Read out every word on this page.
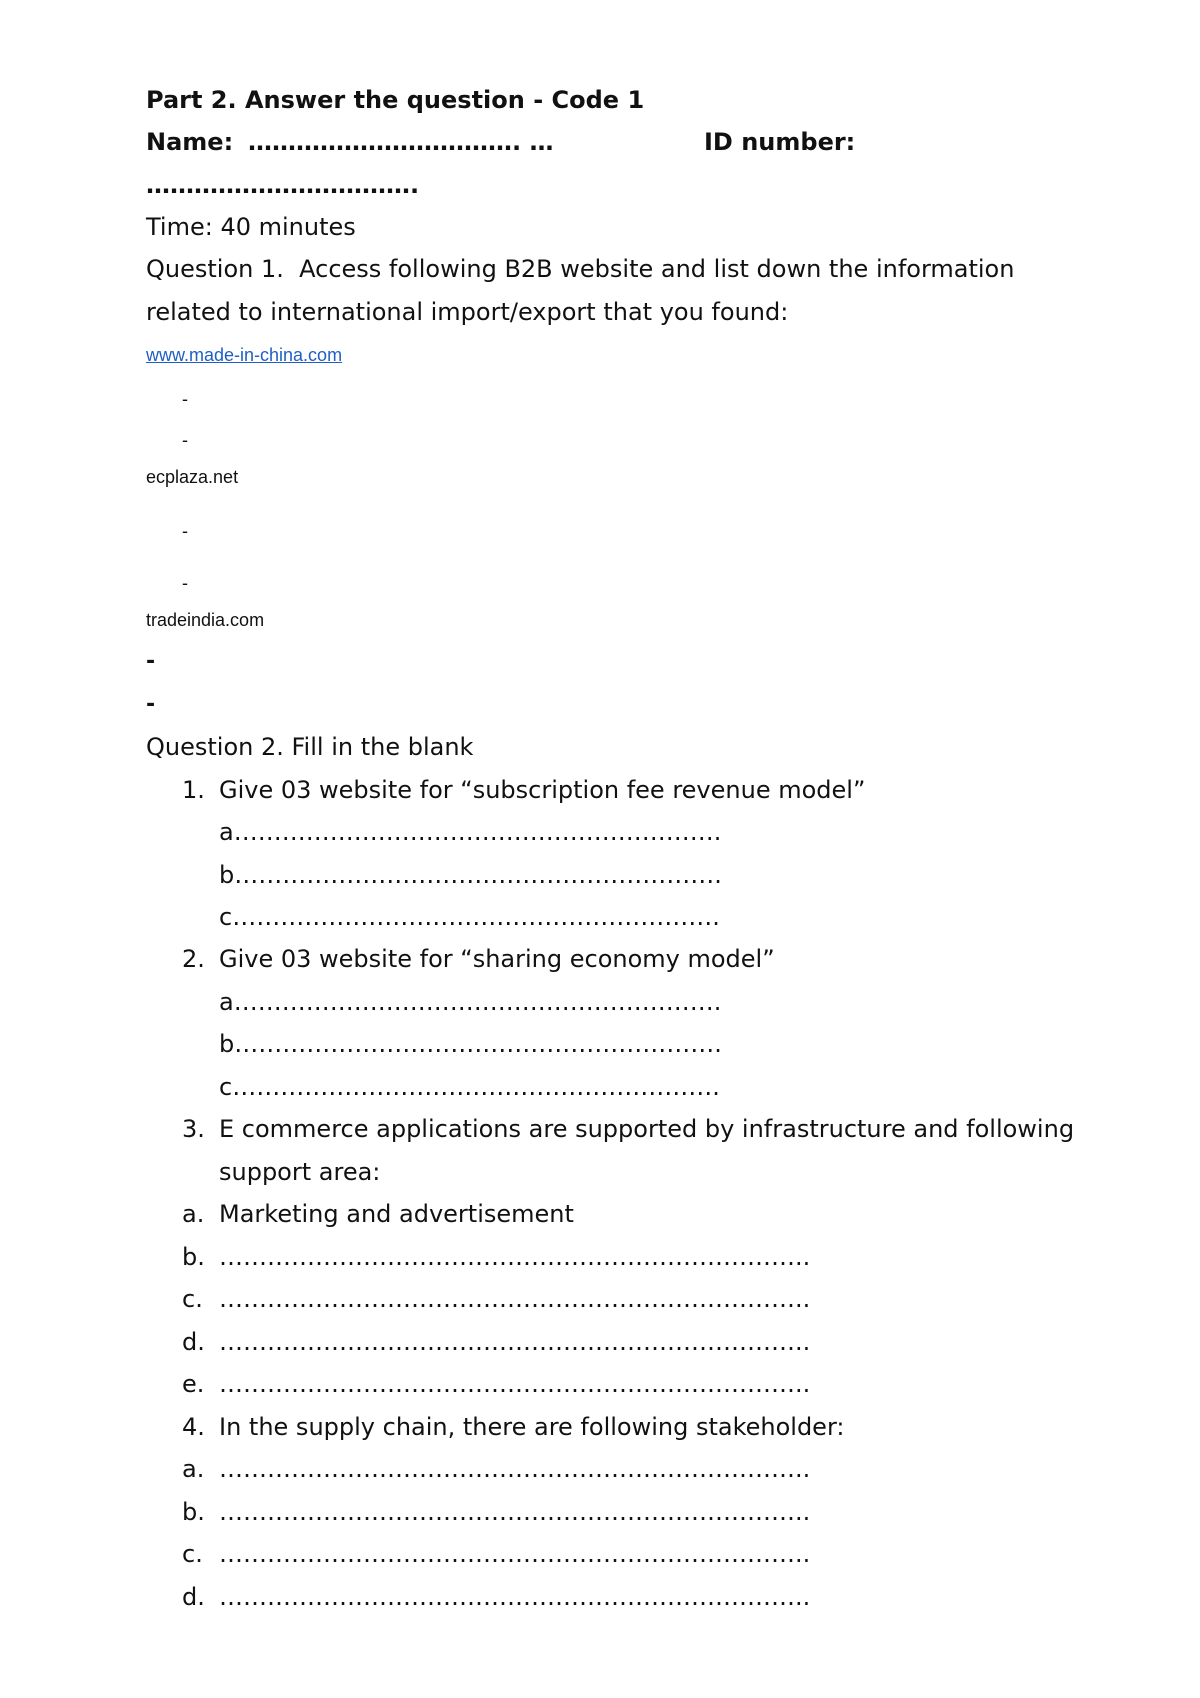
Part 2. Answer the question - Code 1
Name: ……………………………. …	ID number:
…………………………….
Time: 40 minutes
Question 1.  Access following B2B website and list down the information
related to international import/export that you found:
www.made-in-china.com
-
-
ecplaza.net
-
-
tradeindia.com
-
-
Question 2. Fill in the blank
1. Give 03 website for “subscription fee revenue model”
a…………………………………………………….
b…………………………………………………….
c…………………………………………………….
2. Give 03 website for “sharing economy model”
a…………………………………………………….
b…………………………………………………….
c…………………………………………………….
3. E commerce applications are supported by infrastructure and following
support area:
a. Marketing and advertisement
b. ………………………………………………………………..
c. ………………………………………………………………..
d. ………………………………………………………………..
e. ………………………………………………………………..
4. In the supply chain, there are following stakeholder:
a. ………………………………………………………………..
b. ………………………………………………………………..
c. ………………………………………………………………..
d. ………………………………………………………………..
